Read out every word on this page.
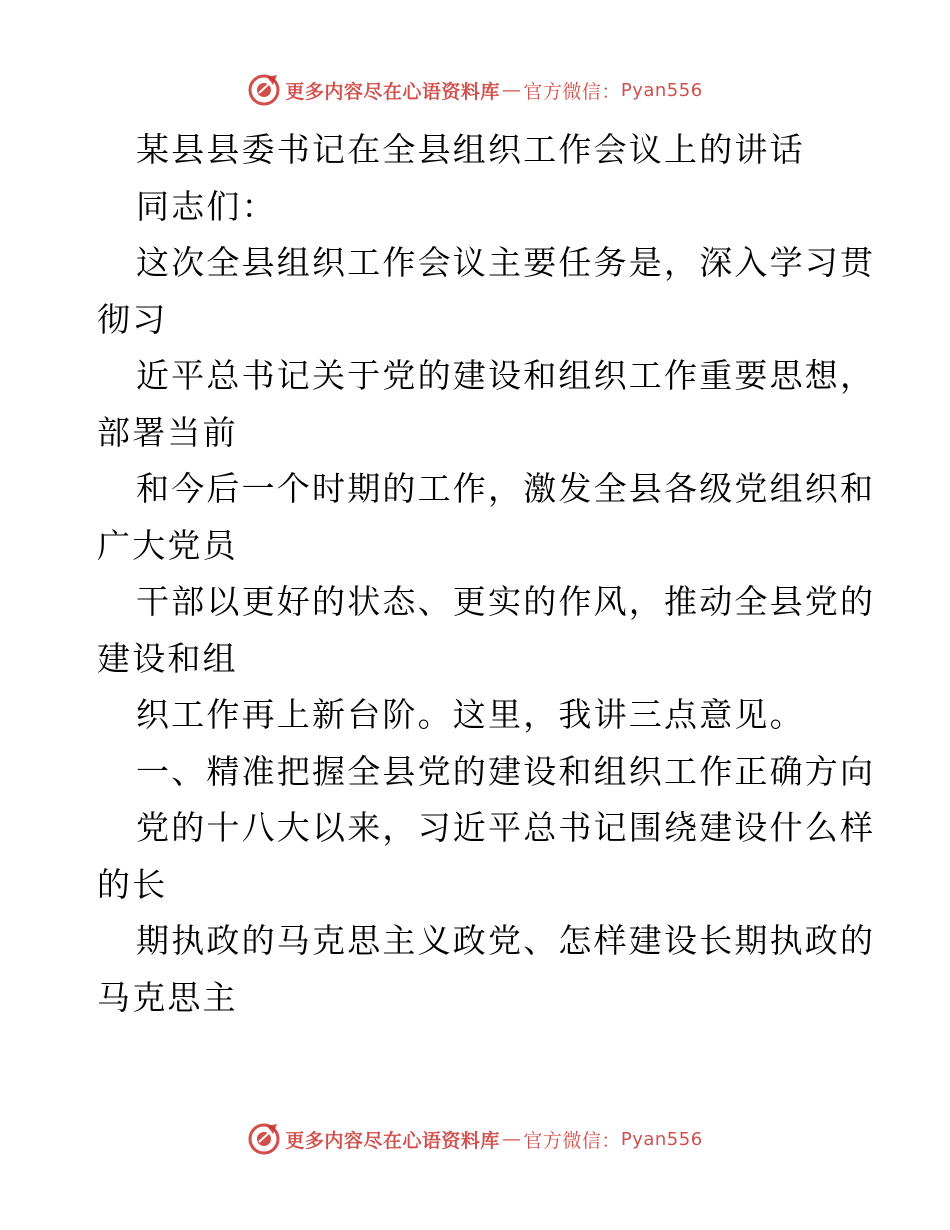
更多内容尽在心语资料库 — 官方微信： Pyan556
某县县委书记在全县组织工作会议上的讲话
同志们：
这次全县组织工作会议主要任务是，深入学习贯
彻习
近平总书记关于党的建设和组织工作重要思想，
部署当前
和今后一个时期的工作，激发全县各级党组织和
广大党员
干部以更好的状态、更实的作风，推动全县党的
建设和组
织工作再上新台阶。这里，我讲三点意见。
一、精准把握全县党的建设和组织工作正确方向
党的十八大以来，习近平总书记围绕建设什么样
的长
期执政的马克思主义政党、怎样建设长期执政的
马克思主
更多内容尽在心语资料库 — 官方微信： Pyan556
